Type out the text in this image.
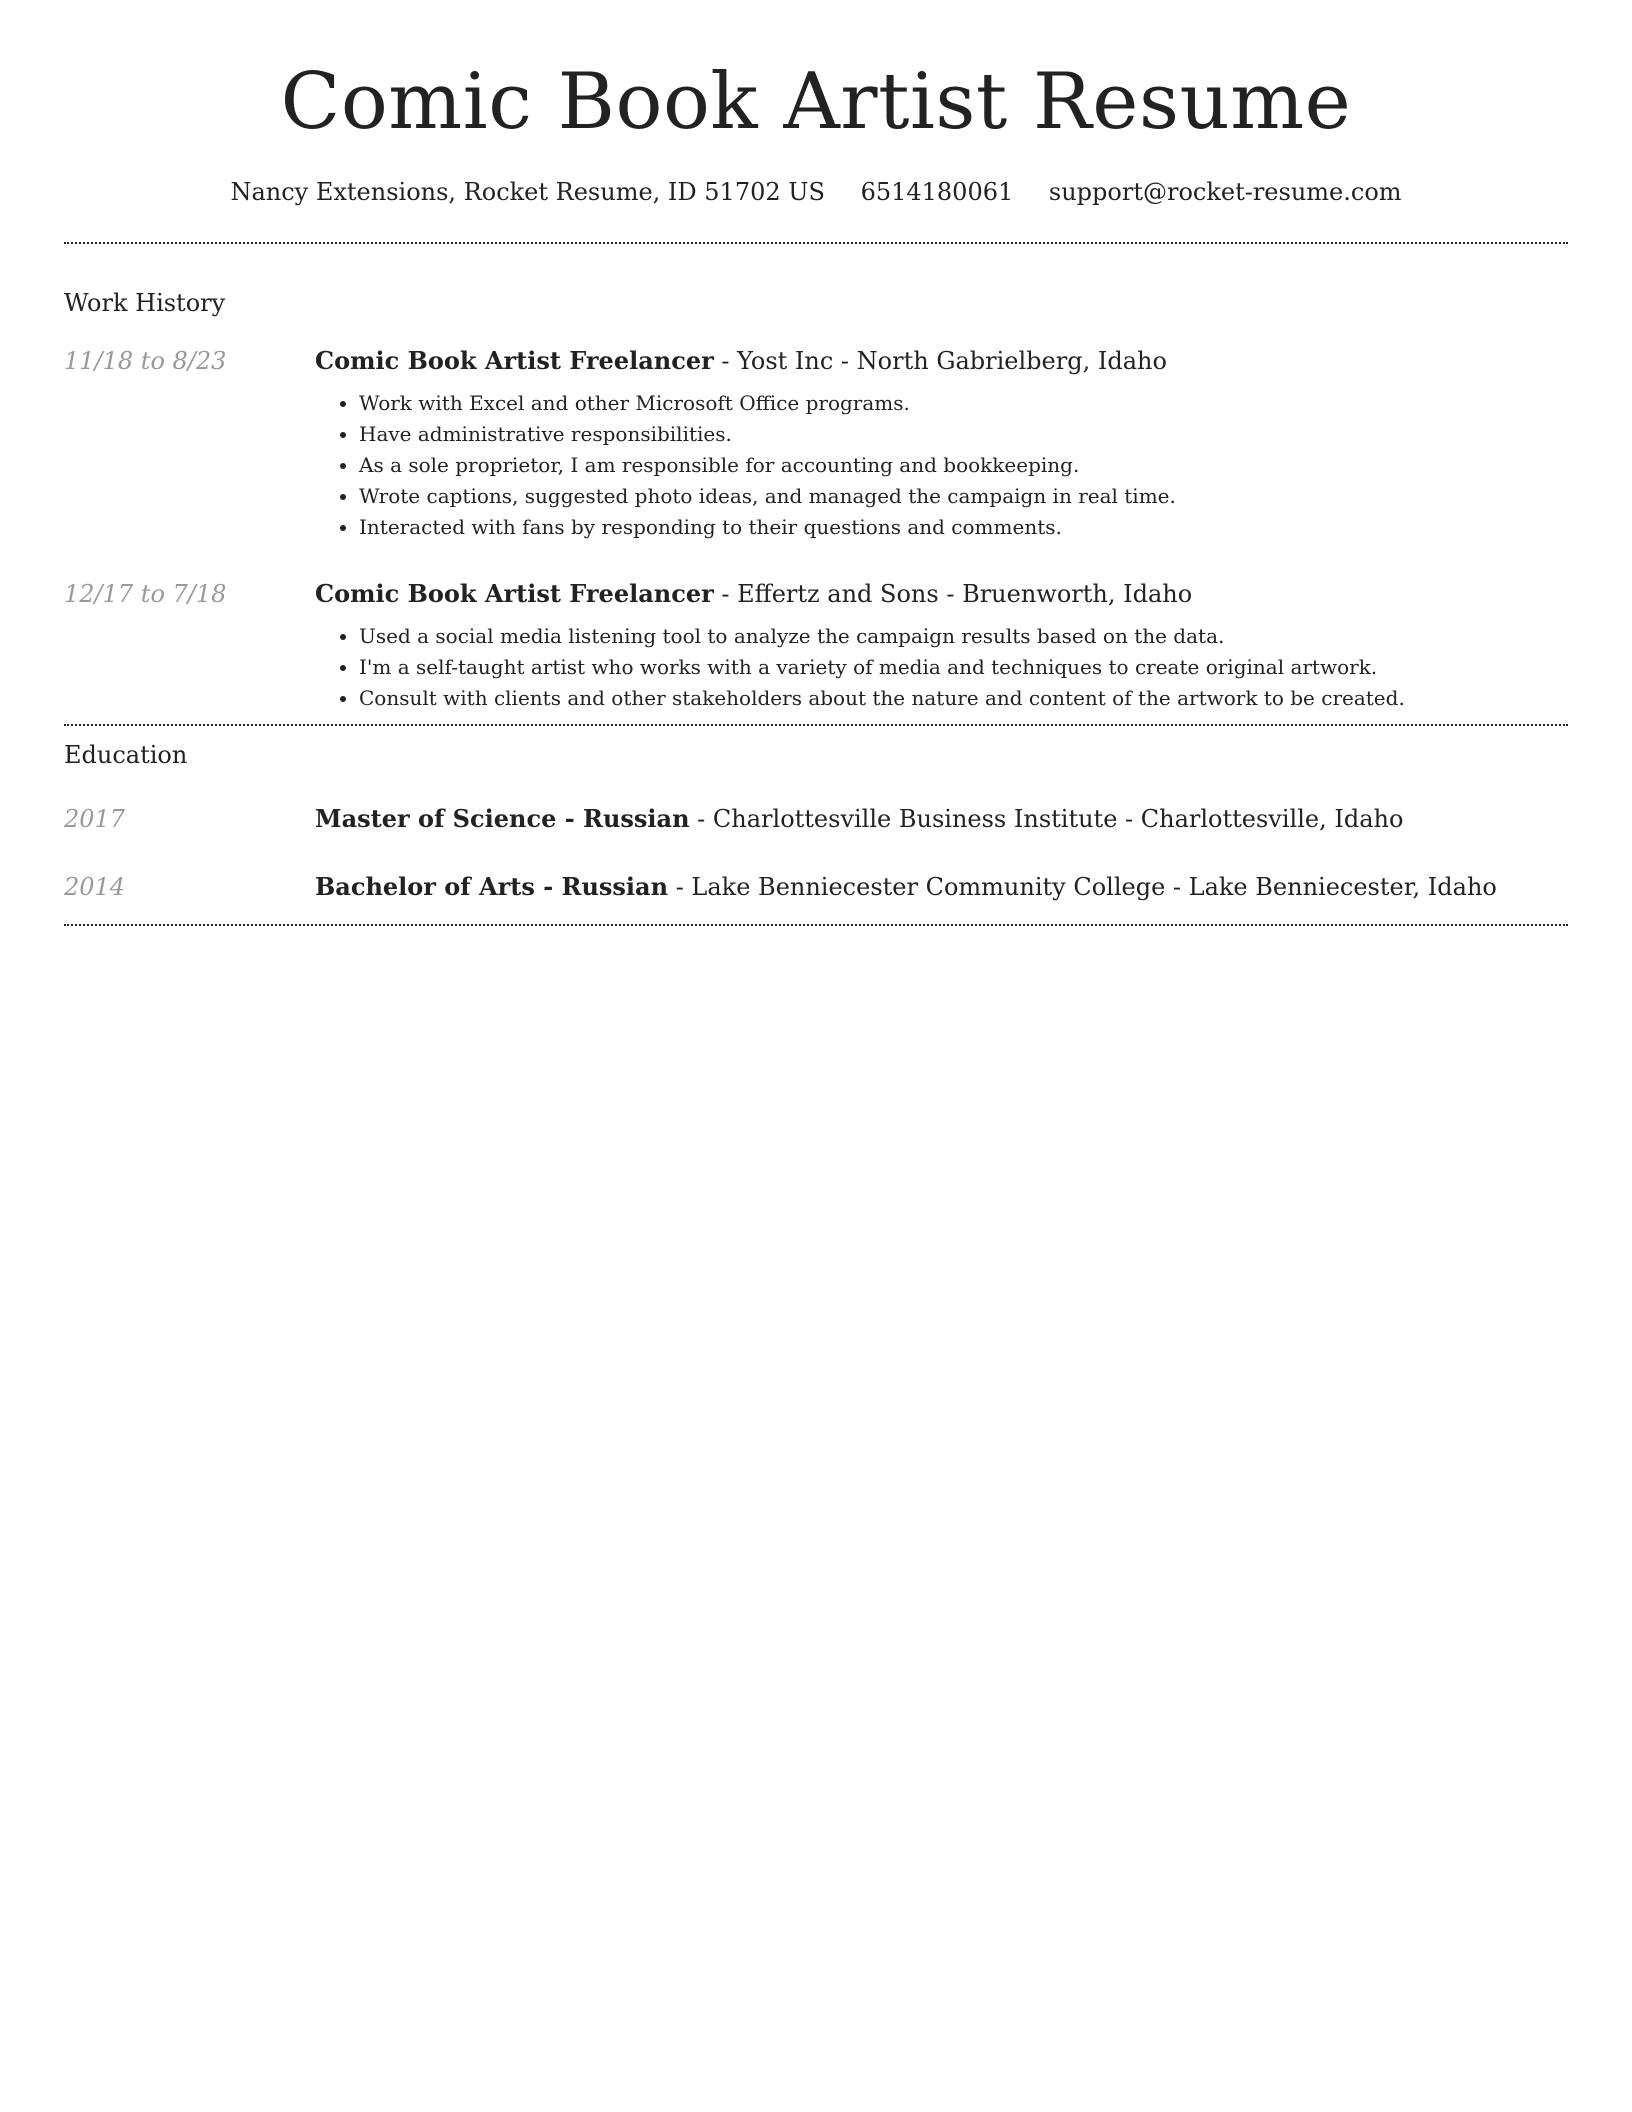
Comic Book Artist Resume
Nancy Extensions, Rocket Resume, ID 51702 US 6514180061 support@rocket-resume.com
Work History
11/18 to 8/23	Comic Book Artist Freelancer - Yost Inc - North Gabrielberg, Idaho
• Work with Excel and other Microsoft Office programs.
• Have administrative responsibilities.
• As a sole proprietor, I am responsible for accounting and bookkeeping.
• Wrote captions, suggested photo ideas, and managed the campaign in real time.
• Interacted with fans by responding to their questions and comments.
12/17 to 7/18	Comic Book Artist Freelancer - Effertz and Sons - Bruenworth, Idaho
• Used a social media listening tool to analyze the campaign results based on the data.
• I'm a self-taught artist who works with a variety of media and techniques to create original artwork.
• Consult with clients and other stakeholders about the nature and content of the artwork to be created.
Education
2017	Master of Science - Russian - Charlottesville Business Institute - Charlottesville, Idaho
2014	Bachelor of Arts - Russian - Lake Benniecester Community College - Lake Benniecester, Idaho
